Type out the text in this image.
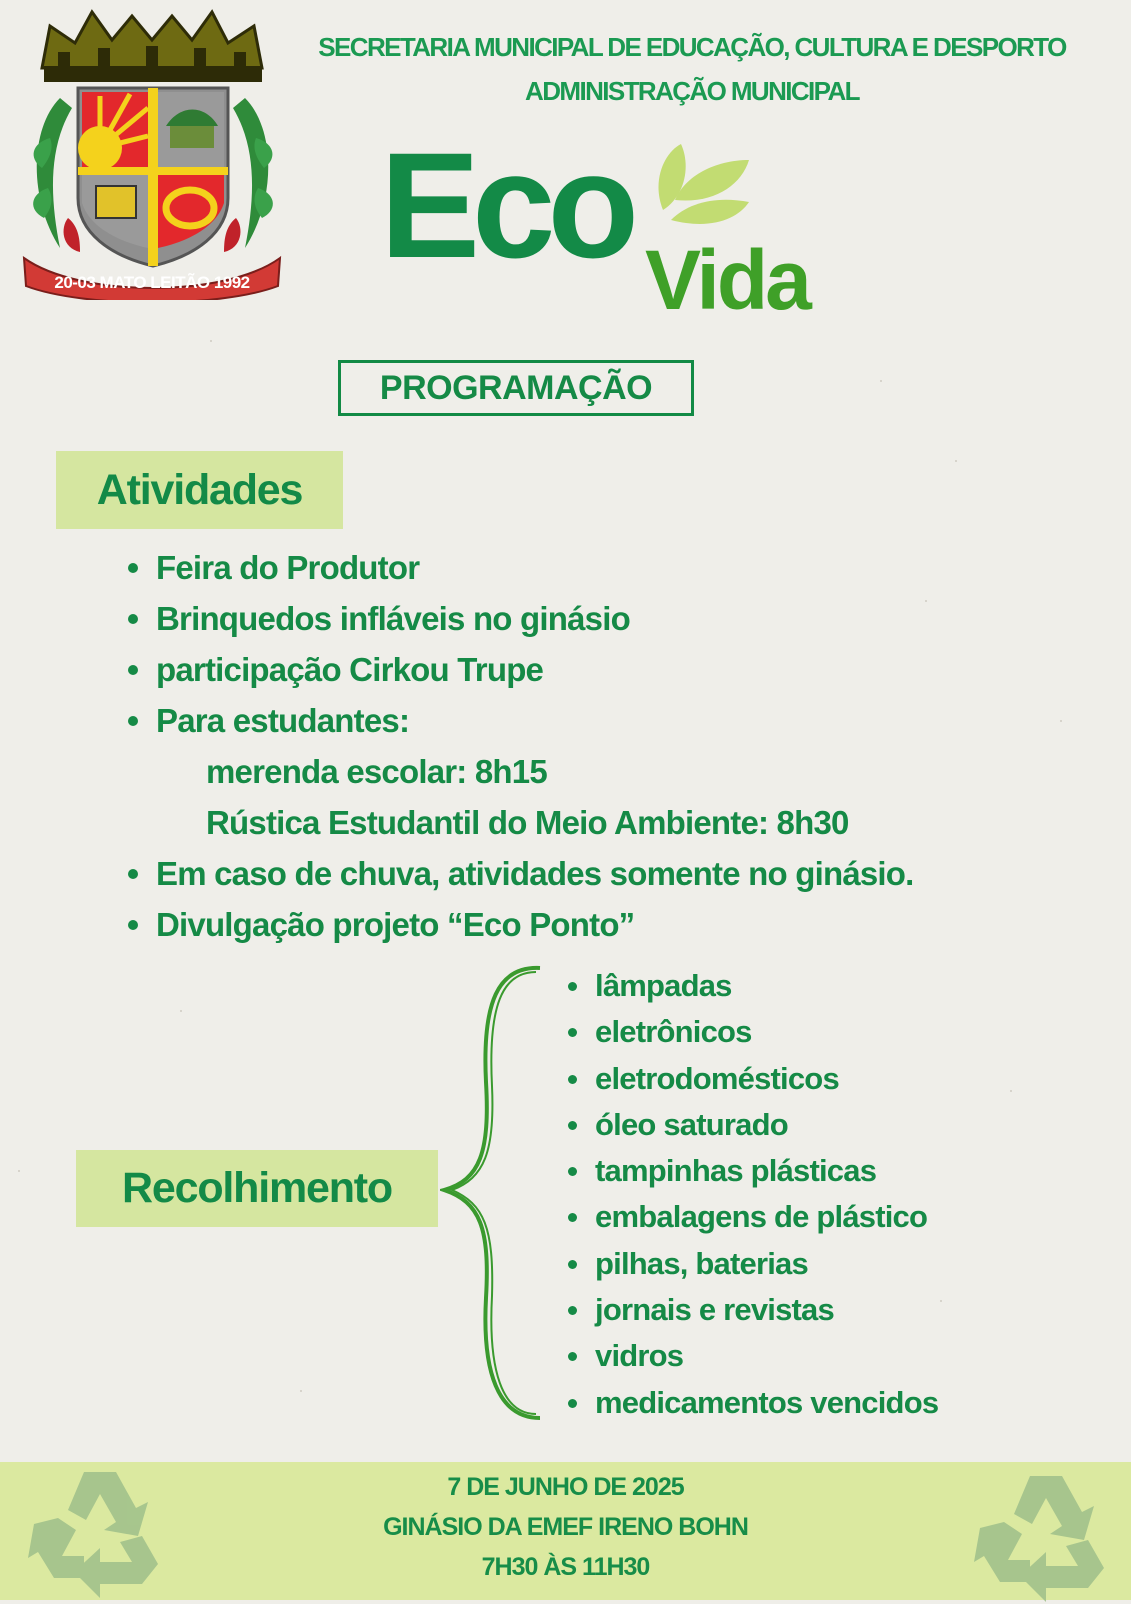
20-03 MATO LEITÃO 1992
SECRETARIA MUNICIPAL DE EDUCAÇÃO, CULTURA E DESPORTO
ADMINISTRAÇÃO MUNICIPAL
Eco Vida
PROGRAMAÇÃO
Atividades
Feira do Produtor
Brinquedos infláveis no ginásio
participação Cirkou Trupe
Para estudantes:
merenda escolar: 8h15
Rústica Estudantil do Meio Ambiente: 8h30
Em caso de chuva, atividades somente no ginásio.
Divulgação projeto “Eco Ponto”
Recolhimento
lâmpadas
eletrônicos
eletrodomésticos
óleo saturado
tampinhas plásticas
embalagens de plástico
pilhas, baterias
jornais e revistas
vidros
medicamentos vencidos
7 DE JUNHO DE 2025
GINÁSIO DA EMEF IRENO BOHN
7H30 ÀS 11H30
